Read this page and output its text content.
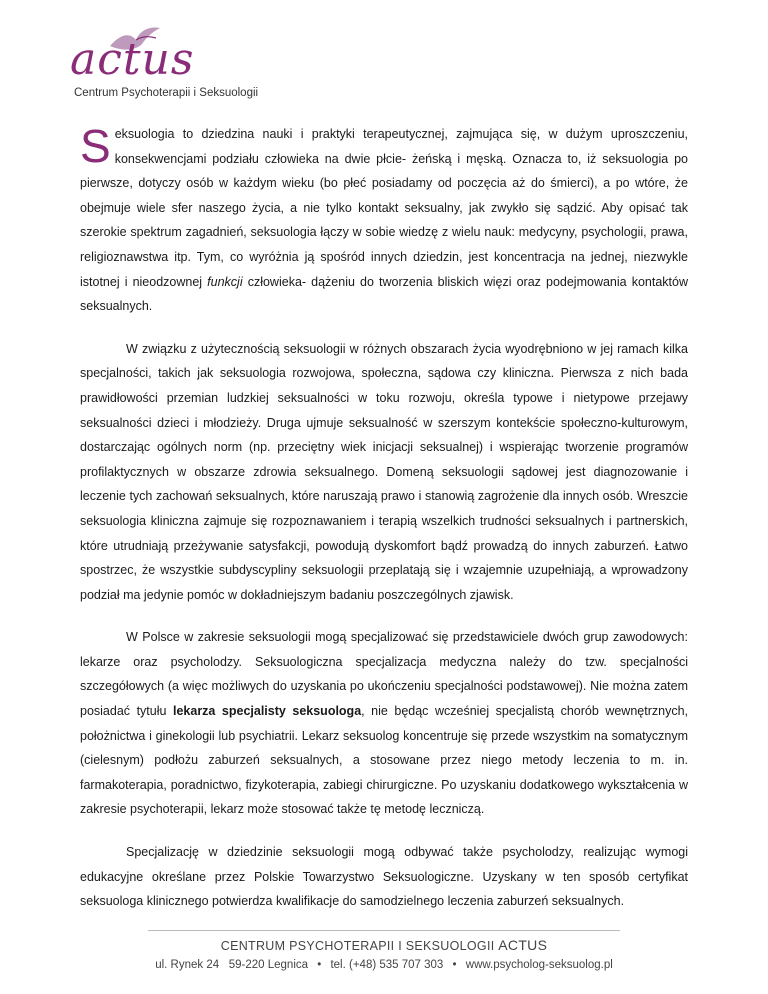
actus
Centrum Psychoterapii i Seksuologii

Seksuologia to dziedzina nauki i praktyki terapeutycznej, zajmująca się, w dużym uproszczeniu, konsekwencjami podziału człowieka na dwie płcie- żeńską i męską. Oznacza to, iż seksuologia po pierwsze, dotyczy osób w każdym wieku (bo płeć posiadamy od poczęcia aż do śmierci), a po wtóre, że obejmuje wiele sfer naszego życia, a nie tylko kontakt seksualny, jak zwykło się sądzić. Aby opisać tak szerokie spektrum zagadnień, seksuologia łączy w sobie wiedzę z wielu nauk: medycyny, psychologii, prawa, religioznawstwa itp. Tym, co wyróżnia ją spośród innych dziedzin, jest koncentracja na jednej, niezwykle istotnej i nieodzownej funkcji człowieka- dążeniu do tworzenia bliskich więzi oraz podejmowania kontaktów seksualnych.

W związku z użytecznością seksuologii w różnych obszarach życia wyodrębniono w jej ramach kilka specjalności, takich jak seksuologia rozwojowa, społeczna, sądowa czy kliniczna. Pierwsza z nich bada prawidłowości przemian ludzkiej seksualności w toku rozwoju, określa typowe i nietypowe przejawy seksualności dzieci i młodzieży. Druga ujmuje seksualność w szerszym kontekście społeczno-kulturowym, dostarczając ogólnych norm (np. przeciętny wiek inicjacji seksualnej) i wspierając tworzenie programów profilaktycznych w obszarze zdrowia seksualnego. Domeną seksuologii sądowej jest diagnozowanie i leczenie tych zachowań seksualnych, które naruszają prawo i stanowią zagrożenie dla innych osób. Wreszcie seksuologia kliniczna zajmuje się rozpoznawaniem i terapią wszelkich trudności seksualnych i partnerskich, które utrudniają przeżywanie satysfakcji, powodują dyskomfort bądź prowadzą do innych zaburzeń. Łatwo spostrzec, że wszystkie subdyscypliny seksuologii przeplatają się i wzajemnie uzupełniają, a wprowadzony podział ma jedynie pomóc w dokładniejszym badaniu poszczególnych zjawisk.

W Polsce w zakresie seksuologii mogą specjalizować się przedstawiciele dwóch grup zawodowych: lekarze oraz psycholodzy. Seksuologiczna specjalizacja medyczna należy do tzw. specjalności szczegółowych (a więc możliwych do uzyskania po ukończeniu specjalności podstawowej). Nie można zatem posiadać tytułu lekarza specjalisty seksuologa, nie będąc wcześniej specjalistą chorób wewnętrznych, położnictwa i ginekologii lub psychiatrii. Lekarz seksuolog koncentruje się przede wszystkim na somatycznym (cielesnym) podłożu zaburzeń seksualnych, a stosowane przez niego metody leczenia to m. in. farmakoterapia, poradnictwo, fizykoterapia, zabiegi chirurgiczne. Po uzyskaniu dodatkowego wykształcenia w zakresie psychoterapii, lekarz może stosować także tę metodę leczniczą.

Specjalizację w dziedzinie seksuologii mogą odbywać także psycholodzy, realizując wymogi edukacyjne określane przez Polskie Towarzystwo Seksuologiczne. Uzyskany w ten sposób certyfikat seksuologa klinicznego potwierdza kwalifikacje do samodzielnego leczenia zaburzeń seksualnych.

CENTRUM PSYCHOTERAPII I SEKSUOLOGII ACTUS
ul. Rynek 24 59-220 Legnica • tel. (+48) 535 707 303 • www.psycholog-seksuolog.pl
